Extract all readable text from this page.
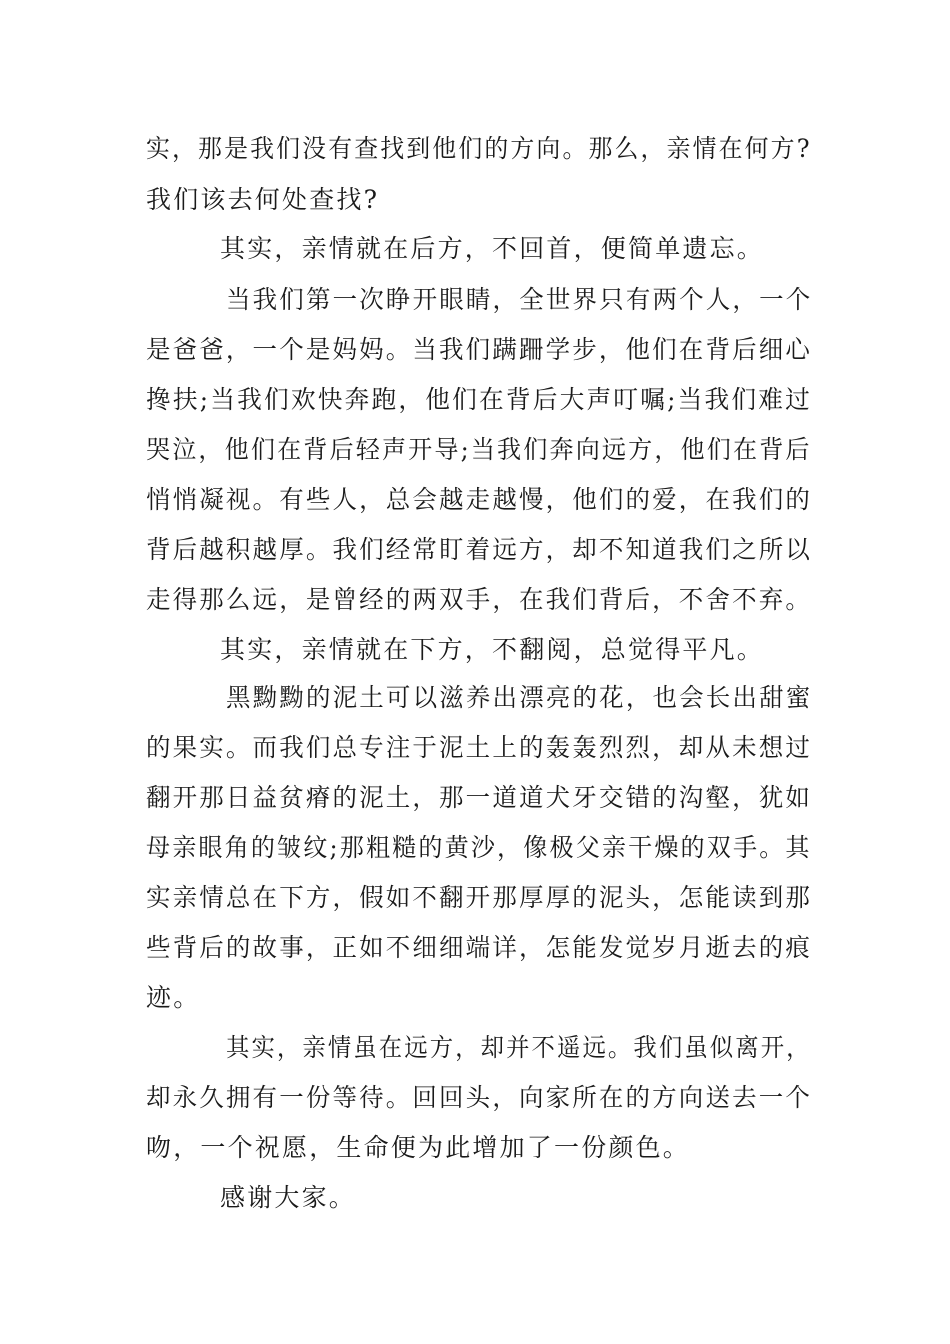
实，那是我们没有查找到他们的方向。那么，亲情在何方?
我们该去何处查找?
其实，亲情就在后方，不回首，便简单遗忘。
当我们第一次睁开眼睛，全世界只有两个人，一个
是爸爸，一个是妈妈。当我们蹒跚学步，他们在背后细心
搀扶;当我们欢快奔跑，他们在背后大声叮嘱;当我们难过
哭泣，他们在背后轻声开导;当我们奔向远方，他们在背后
悄悄凝视。有些人，总会越走越慢，他们的爱，在我们的
背后越积越厚。我们经常盯着远方，却不知道我们之所以
走得那么远，是曾经的两双手，在我们背后，不舍不弃。
其实，亲情就在下方，不翻阅，总觉得平凡。
黑黝黝的泥土可以滋养出漂亮的花，也会长出甜蜜
的果实。而我们总专注于泥土上的轰轰烈烈，却从未想过
翻开那日益贫瘠的泥土，那一道道犬牙交错的沟壑，犹如
母亲眼角的皱纹;那粗糙的黄沙，像极父亲干燥的双手。其
实亲情总在下方，假如不翻开那厚厚的泥头，怎能读到那
些背后的故事，正如不细细端详，怎能发觉岁月逝去的痕
迹。
其实，亲情虽在远方，却并不遥远。我们虽似离开，
却永久拥有一份等待。回回头，向家所在的方向送去一个
吻，一个祝愿，生命便为此增加了一份颜色。
感谢大家。
